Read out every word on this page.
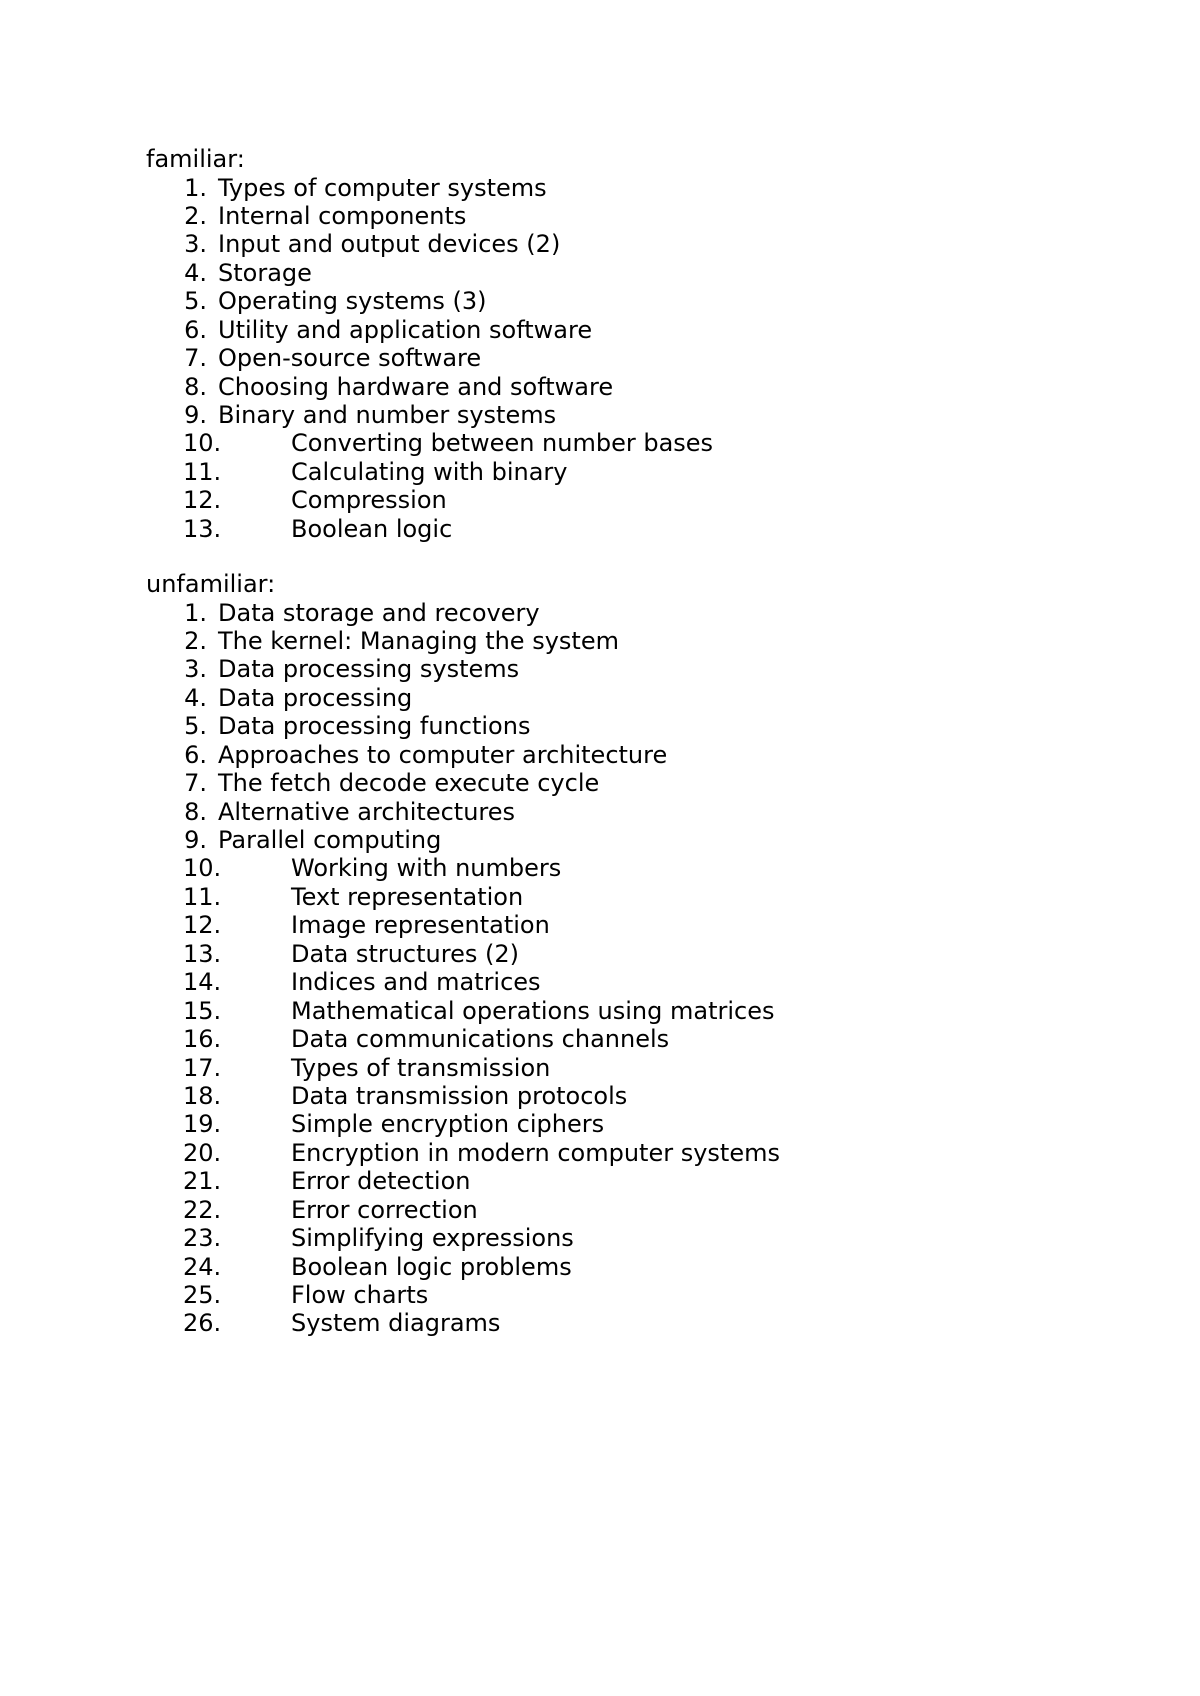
familiar:
1. Types of computer systems
2. Internal components
3. Input and output devices (2)
4. Storage
5. Operating systems (3)
6. Utility and application software
7. Open-source software
8. Choosing hardware and software
9. Binary and number systems
10.	Converting between number bases
11.	Calculating with binary
12.	Compression
13.	Boolean logic
unfamiliar:
1. Data storage and recovery
2. The kernel: Managing the system
3. Data processing systems
4. Data processing
5. Data processing functions
6. Approaches to computer architecture
7. The fetch decode execute cycle
8. Alternative architectures
9. Parallel computing
10.	Working with numbers
11.	Text representation
12.	Image representation
13.	Data structures (2)
14.	Indices and matrices
15.	Mathematical operations using matrices
16.	Data communications channels
17.	Types of transmission
18.	Data transmission protocols
19.	Simple encryption ciphers
20.	Encryption in modern computer systems
21.	Error detection
22.	Error correction
23.	Simplifying expressions
24.	Boolean logic problems
25.	Flow charts
26.	System diagrams
